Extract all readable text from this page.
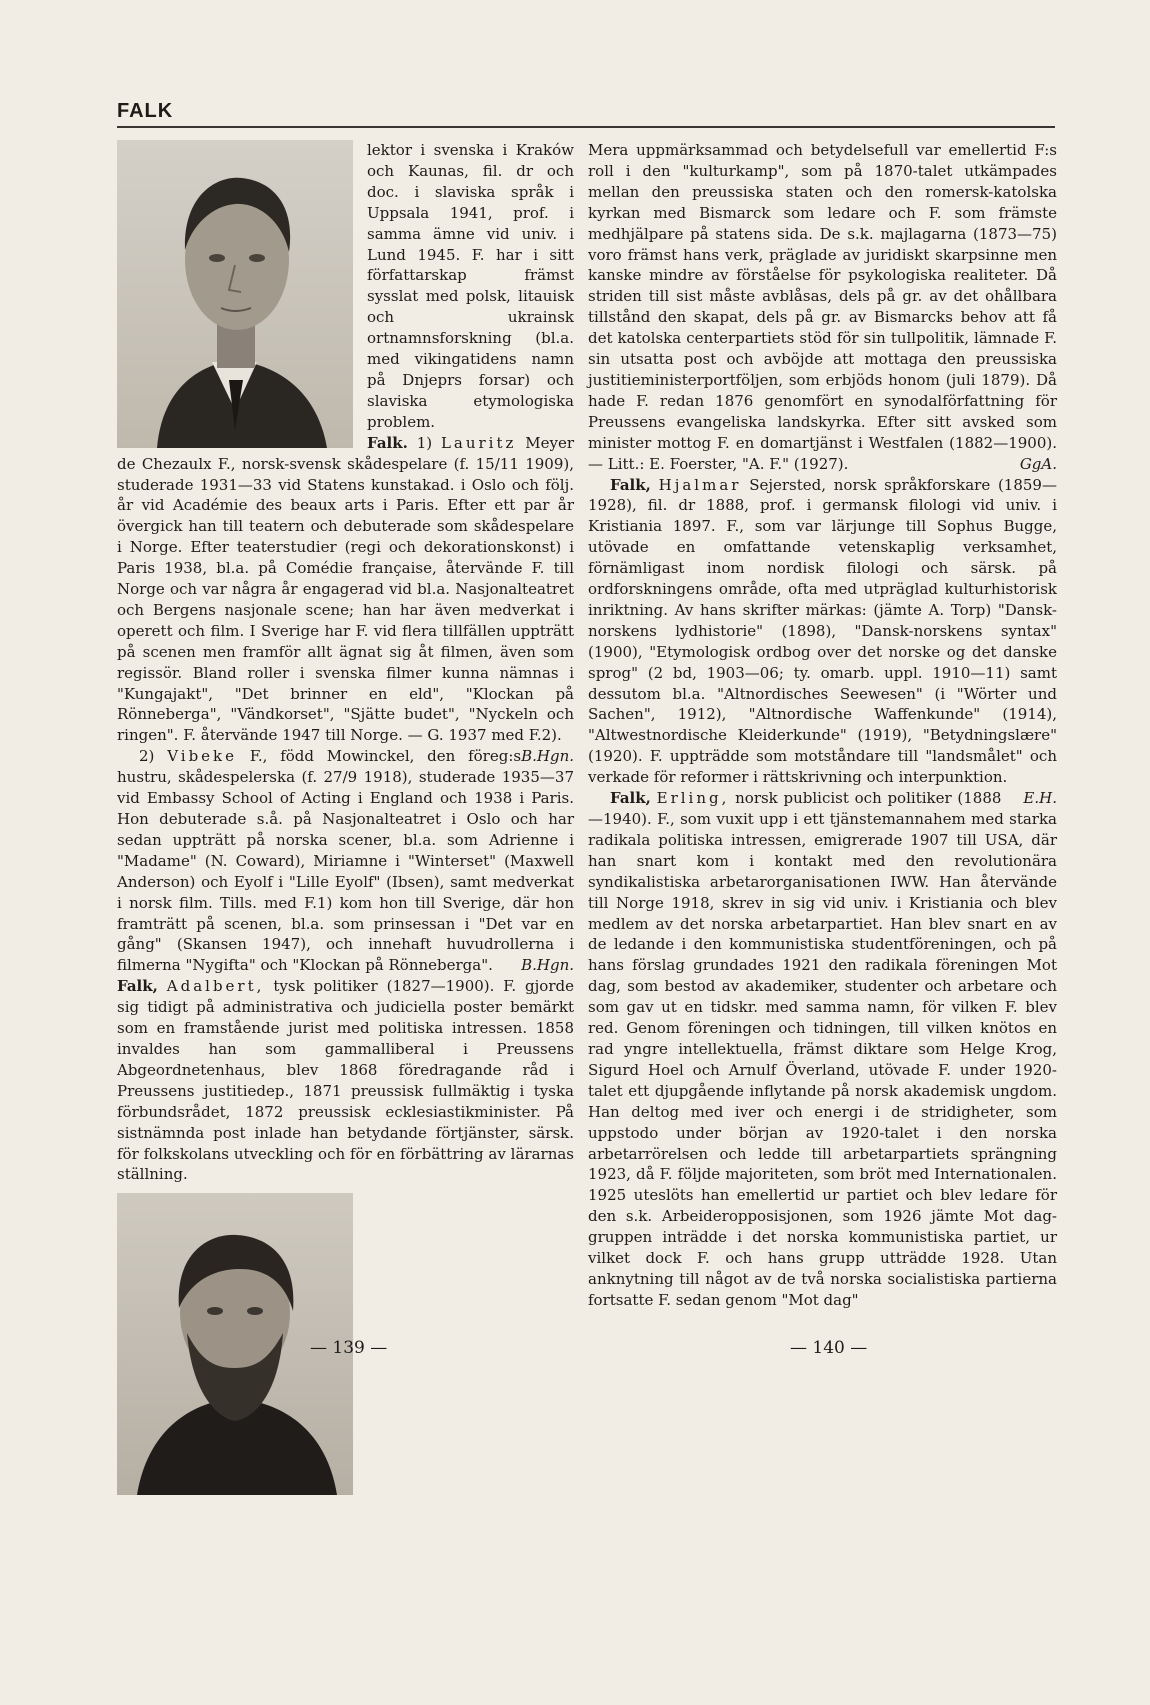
FALK

lektor i svenska i Kraków och Kaunas, fil. dr och doc. i slaviska språk i Uppsala 1941, prof. i samma ämne vid univ. i Lund 1945. F. har i sitt författarskap främst sysslat med polsk, litauisk och ukrainsk ortnamnsforskning (bl.a. med vikingatidens namn på Dnjeprs forsar) och slaviska etymologiska problem.

Falk. 1) Lauritz Meyer de Chezaulx F., norsk-svensk skådespelare (f. 15/11 1909), studerade 1931—33 vid Statens kunstakad. i Oslo och följ. år vid Académie des beaux arts i Paris. Efter ett par år övergick han till teatern och debuterade som skådespelare i Norge. Efter teaterstudier (regi och dekorationskonst) i Paris 1938, bl.a. på Comédie française, återvände F. till Norge och var några år engagerad vid bl.a. Nasjonalteatret och Bergens nasjonale scene; han har även medverkat i operett och film. I Sverige har F. vid flera tillfällen uppträtt på scenen men framför allt ägnat sig åt filmen, även som regissör. Bland roller i svenska filmer kunna nämnas i "Kungajakt", "Det brinner en eld", "Klockan på Rönneberga", "Vändkorset", "Sjätte budet", "Nyckeln och ringen". F. återvände 1947 till Norge. — G. 1937 med F.2).
B.Hgn.

2) Vibeke F., född Mowinckel, den föreg:s hustru, skådespelerska (f. 27/9 1918), studerade 1935—37 vid Embassy School of Acting i England och 1938 i Paris. Hon debuterade s.å. på Nasjonalteatret i Oslo och har sedan uppträtt på norska scener, bl.a. som Adrienne i "Madame" (N. Coward), Miriamne i "Winterset" (Maxwell Anderson) och Eyolf i "Lille Eyolf" (Ibsen), samt medverkat i norsk film. Tills. med F.1) kom hon till Sverige, där hon framträtt på scenen, bl.a. som prinsessan i "Det var en gång" (Skansen 1947), och innehaft huvudrollerna i filmerna "Nygifta" och "Klockan på Rönneberga".	B.Hgn.

Falk, Adalbert, tysk politiker (1827—1900). F. gjorde sig tidigt på administrativa och judiciella poster bemärkt som en framstående jurist med politiska intressen. 1858 invaldes han som gammalliberal i Preussens Abgeordnetenhaus, blev 1868 föredragande råd i Preussens justitiedep., 1871 preussisk fullmäktig i tyska förbundsrådet, 1872 preussisk ecklesiastikminister. På sistnämnda post inlade han betydande förtjänster, särsk. för folkskolans utveckling och för en förbättring av lärarnas ställning.

Mera uppmärksammad och betydelsefull var emellertid F:s roll i den "kulturkamp", som på 1870-talet utkämpades mellan den preussiska staten och den romersk-katolska kyrkan med Bismarck som ledare och F. som främste medhjälpare på statens sida. De s.k. majlagarna (1873—75) voro främst hans verk, präglade av juridiskt skarpsinne men kanske mindre av förståelse för psykologiska realiteter. Då striden till sist måste avblåsas, dels på gr. av det ohållbara tillstånd den skapat, dels på gr. av Bismarcks behov att få det katolska centerpartiets stöd för sin tullpolitik, lämnade F. sin utsatta post och avböjde att mottaga den preussiska justitieministerportföljen, som erbjöds honom (juli 1879). Då hade F. redan 1876 genomfört en synodalförfattning för Preussens evangeliska landskyrka. Efter sitt avsked som minister mottog F. en domartjänst i Westfalen (1882—1900). — Litt.: E. Foerster, "A. F." (1927).	GgA.

Falk, Hjalmar Sejersted, norsk språkforskare (1859—1928), fil. dr 1888, prof. i germansk filologi vid univ. i Kristiania 1897. F., som var lärjunge till Sophus Bugge, utövade en omfattande vetenskaplig verksamhet, förnämligast inom nordisk filologi och särsk. på ordforskningens område, ofta med utpräglad kulturhistorisk inriktning. Av hans skrifter märkas: (jämte A. Torp) "Dansk-norskens lydhistorie" (1898), "Dansk-norskens syntax" (1900), "Etymologisk ordbog over det norske og det danske sprog" (2 bd, 1903—06; ty. omarb. uppl. 1910—11) samt dessutom bl.a. "Altnordisches Seewesen" (i "Wörter und Sachen", 1912), "Altnordische Waffenkunde" (1914), "Altwestnordische Kleiderkunde" (1919), "Betydningslære" (1920). F. uppträdde som motståndare till "landsmålet" och verkade för reformer i rättskrivning och interpunktion.
E.H.

Falk, Erling, norsk publicist och politiker (1888—1940). F., som vuxit upp i ett tjänstemannahem med starka radikala politiska intressen, emigrerade 1907 till USA, där han snart kom i kontakt med den revolutionära syndikalistiska arbetarorganisationen IWW. Han återvände till Norge 1918, skrev in sig vid univ. i Kristiania och blev medlem av det norska arbetarpartiet. Han blev snart en av de ledande i den kommunistiska studentföreningen, och på hans förslag grundades 1921 den radikala föreningen Mot dag, som bestod av akademiker, studenter och arbetare och som gav ut en tidskr. med samma namn, för vilken F. blev red. Genom föreningen och tidningen, till vilken knötos en rad yngre intellektuella, främst diktare som Helge Krog, Sigurd Hoel och Arnulf Överland, utövade F. under 1920-talet ett djupgående inflytande på norsk akademisk ungdom. Han deltog med iver och energi i de stridigheter, som uppstodo under början av 1920-talet i den norska arbetarrörelsen och ledde till arbetarpartiets sprängning 1923, då F. följde majoriteten, som bröt med Internationalen. 1925 uteslöts han emellertid ur partiet och blev ledare för den s.k. Arbeideropposisjonen, som 1926 jämte Mot dag-gruppen inträdde i det norska kommunistiska partiet, ur vilket dock F. och hans grupp utträdde 1928. Utan anknytning till något av de två norska socialistiska partierna fortsatte F. sedan genom "Mot dag"

— 139 —	— 140 —
